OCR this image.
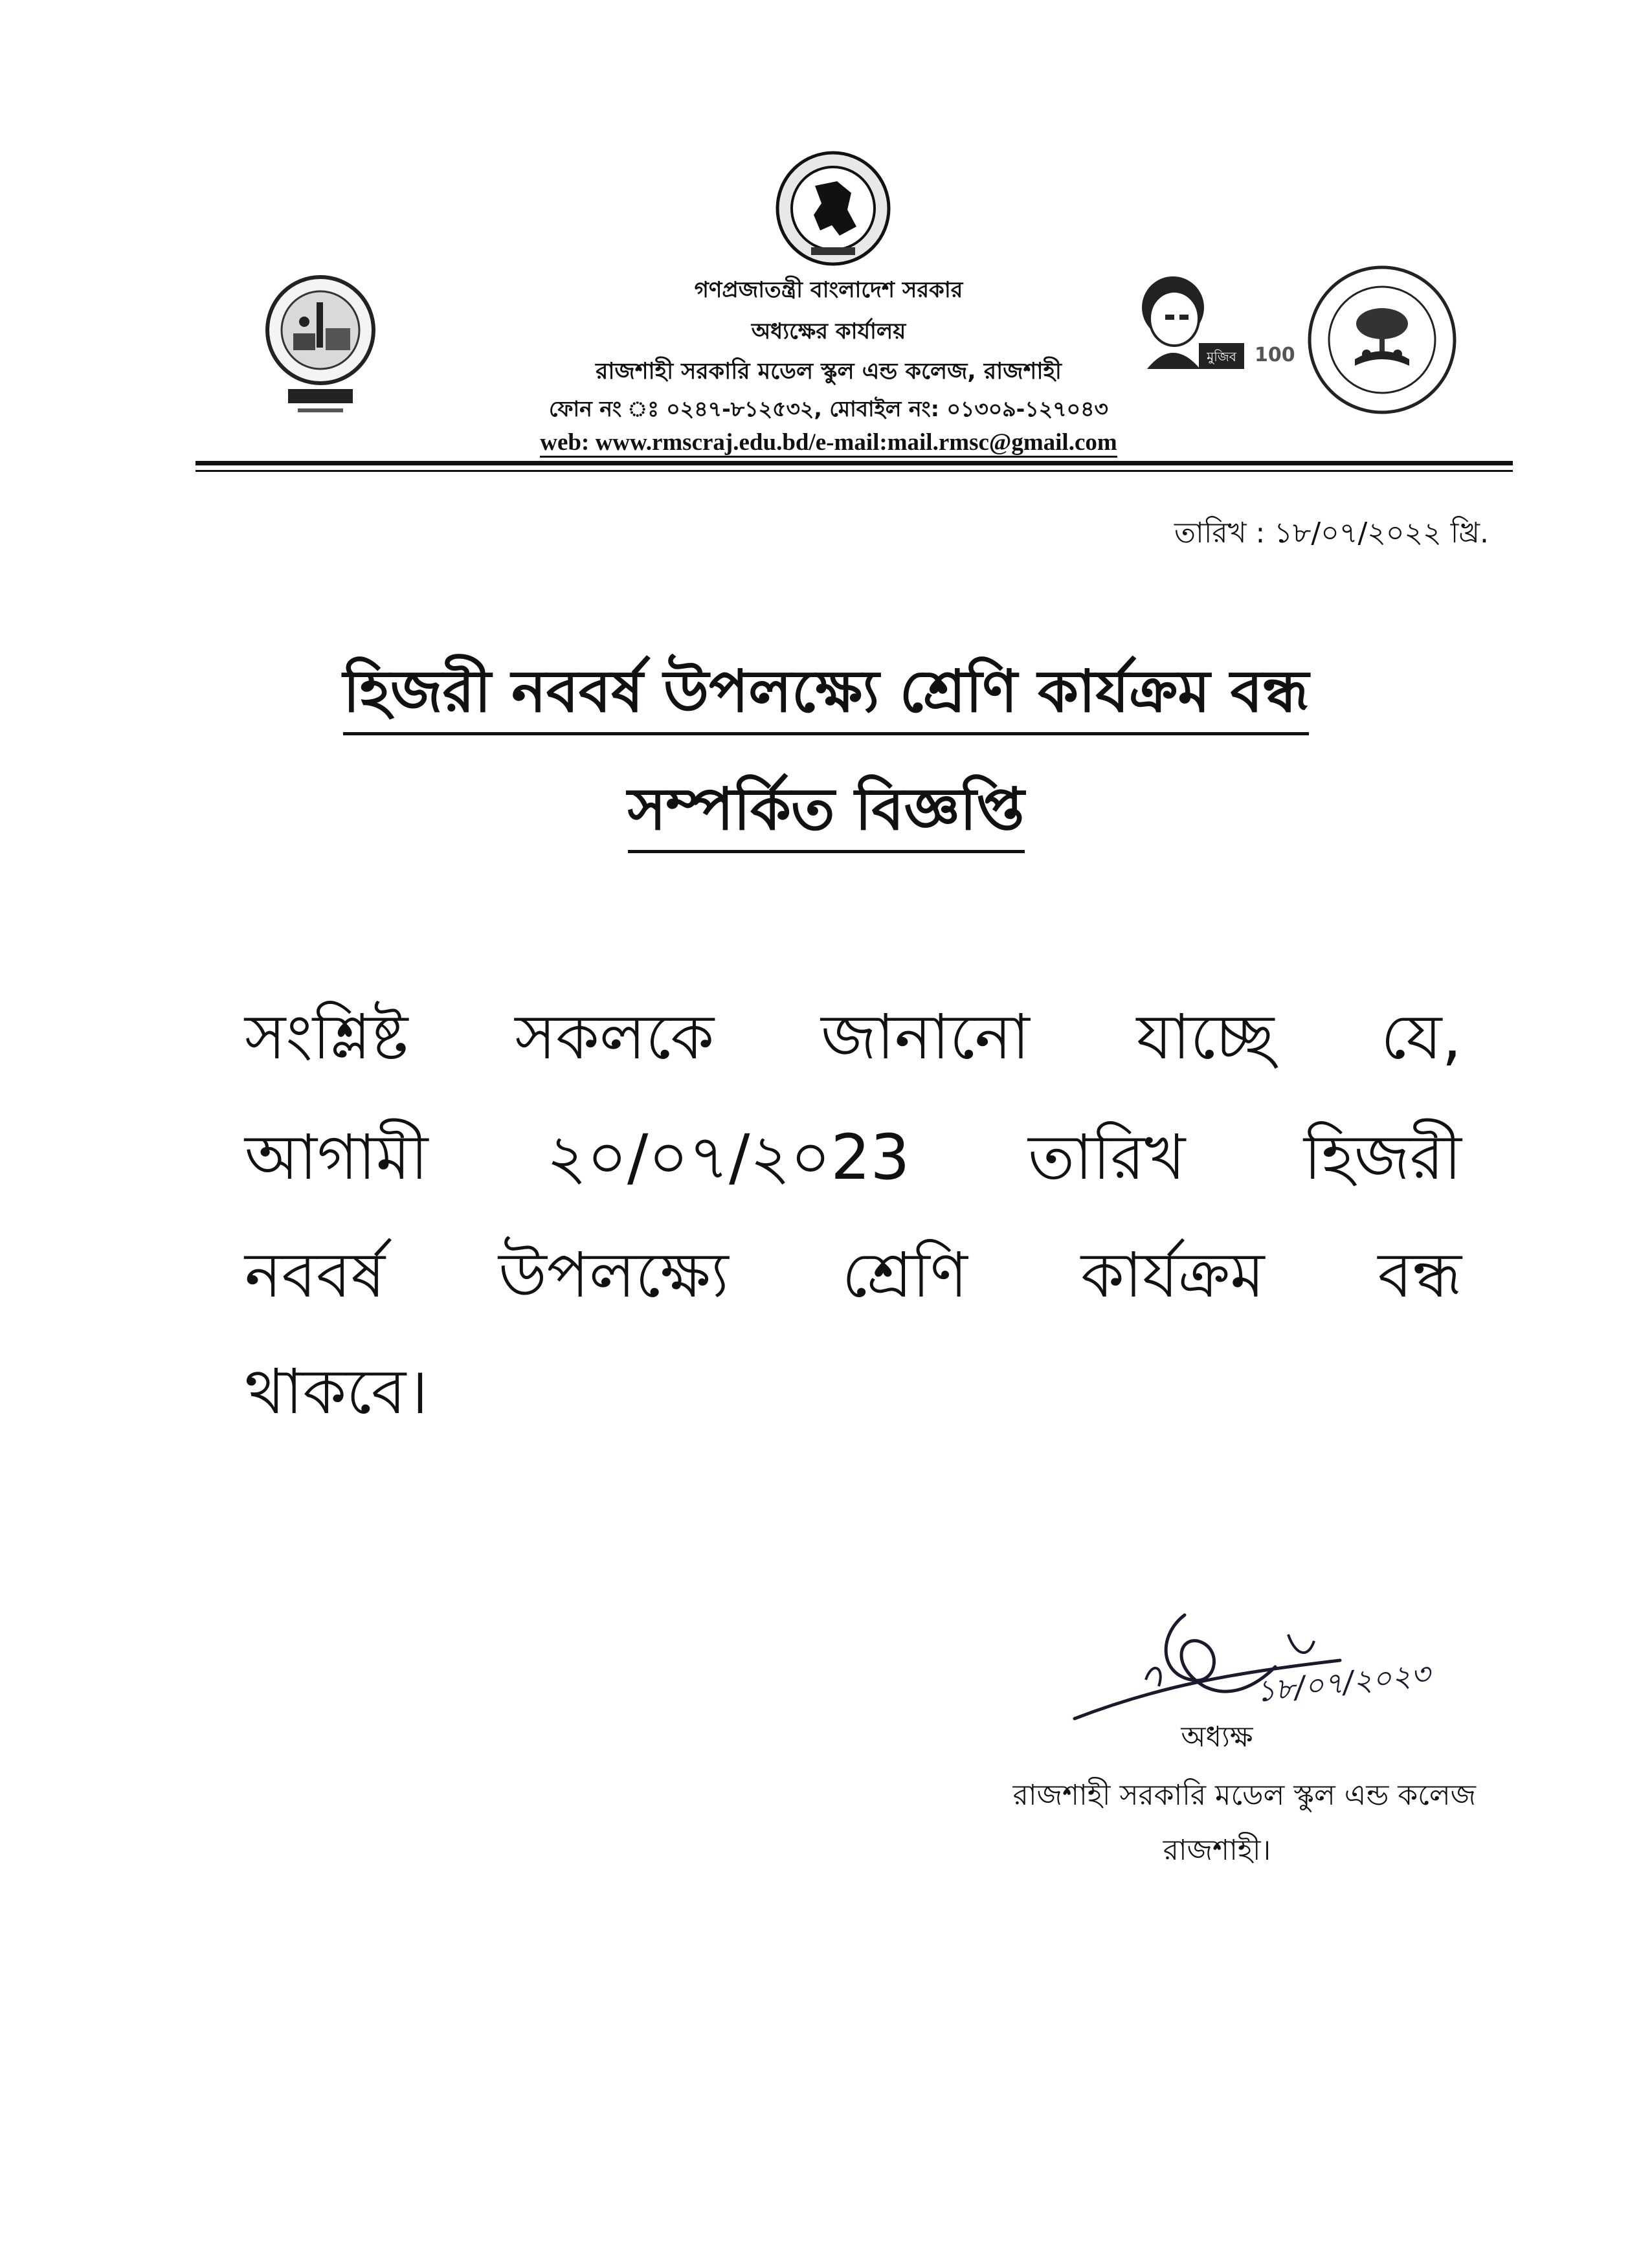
মুজিব 100
গণপ্রজাতন্ত্রী বাংলাদেশ সরকার
অধ্যক্ষের কার্যালয়
রাজশাহী সরকারি মডেল স্কুল এন্ড কলেজ, রাজশাহী
ফোন নং ঃ ০২৪৭-৮১২৫৩২, মোবাইল নং: ০১৩০৯-১২৭০৪৩
web: www.rmscraj.edu.bd/e-mail:mail.rmsc@gmail.com
তারিখ : ১৮/০৭/২০২২ খ্রি.
হিজরী নববর্ষ উপলক্ষ্যে শ্রেণি কার্যক্রম বন্ধ
সম্পর্কিত বিজ্ঞপ্তি
সংশ্লিষ্ট সকলকে জানানো যাচ্ছে যে,
আগামী ২০/০৭/২০23 তারিখ হিজরী
নববর্ষ উপলক্ষ্যে শ্রেণি কার্যক্রম বন্ধ
থাকবে।
১৮/০৭/২০২৩
অধ্যক্ষ
রাজশাহী সরকারি মডেল স্কুল এন্ড কলেজ
রাজশাহী।
